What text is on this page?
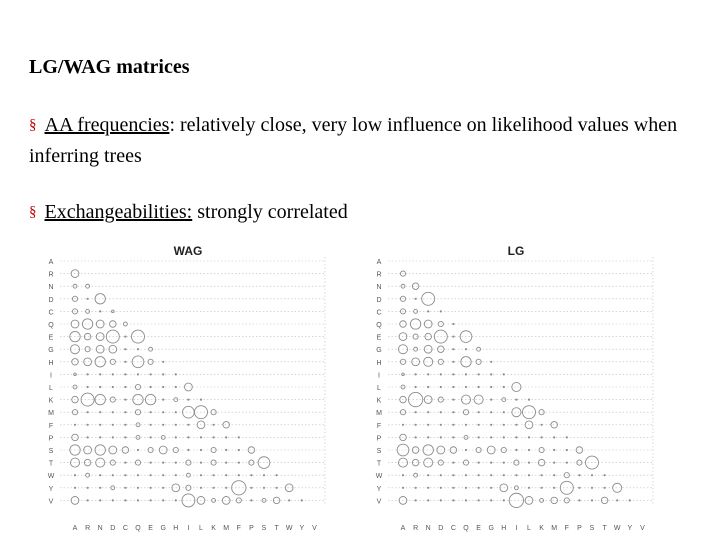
LG/WAG matrices
§ AA frequencies: relatively close, very low influence on likelihood values when inferring trees
§ Exchangeabilities: strongly correlated
WAG
A
A
R
R
N
N
D
D
C
C
Q
Q
E
E
G
G
H
H
I
I
L
L
K
K
M
M
F
F
P
P
S
S
T
T
W
W
Y
Y
V
V
LG
A
A
R
R
N
N
D
D
C
C
Q
Q
E
E
G
G
H
H
I
I
L
L
K
K
M
M
F
F
P
P
S
S
T
T
W
W
Y
Y
V
V
